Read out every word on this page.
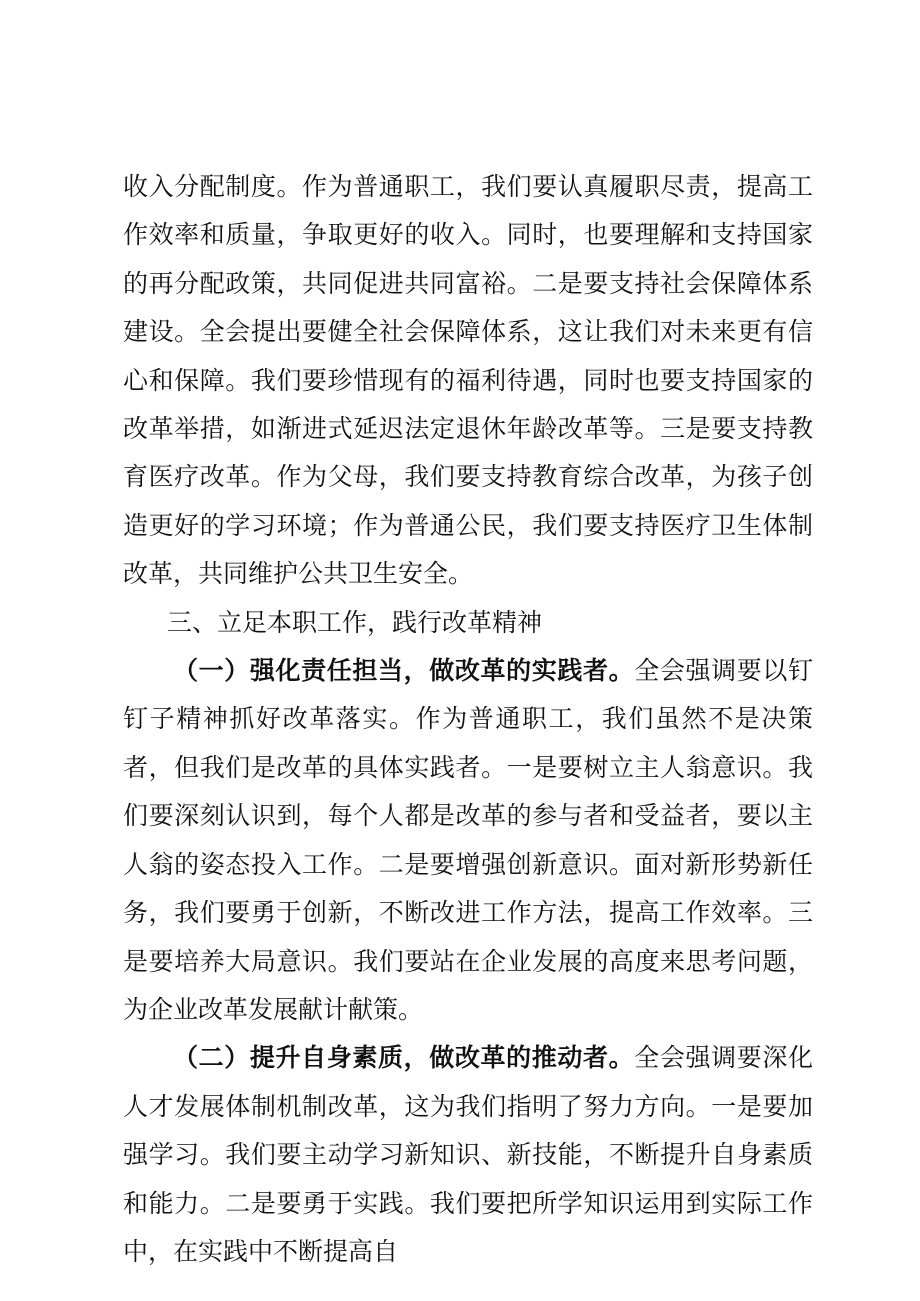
收入分配制度。作为普通职工，我们要认真履职尽责，提高工作效率和质量，争取更好的收入。同时，也要理解和支持国家的再分配政策，共同促进共同富裕。二是要支持社会保障体系建设。全会提出要健全社会保障体系，这让我们对未来更有信心和保障。我们要珍惜现有的福利待遇，同时也要支持国家的改革举措，如渐进式延迟法定退休年龄改革等。三是要支持教育医疗改革。作为父母，我们要支持教育综合改革，为孩子创造更好的学习环境；作为普通公民，我们要支持医疗卫生体制改革，共同维护公共卫生安全。

三、立足本职工作，践行改革精神

（一）强化责任担当，做改革的实践者。全会强调要以钉钉子精神抓好改革落实。作为普通职工，我们虽然不是决策者，但我们是改革的具体实践者。一是要树立主人翁意识。我们要深刻认识到，每个人都是改革的参与者和受益者，要以主人翁的姿态投入工作。二是要增强创新意识。面对新形势新任务，我们要勇于创新，不断改进工作方法，提高工作效率。三是要培养大局意识。我们要站在企业发展的高度来思考问题，为企业改革发展献计献策。

（二）提升自身素质，做改革的推动者。全会强调要深化人才发展体制机制改革，这为我们指明了努力方向。一是要加强学习。我们要主动学习新知识、新技能，不断提升自身素质和能力。二是要勇于实践。我们要把所学知识运用到实际工作中，在实践中不断提高自
